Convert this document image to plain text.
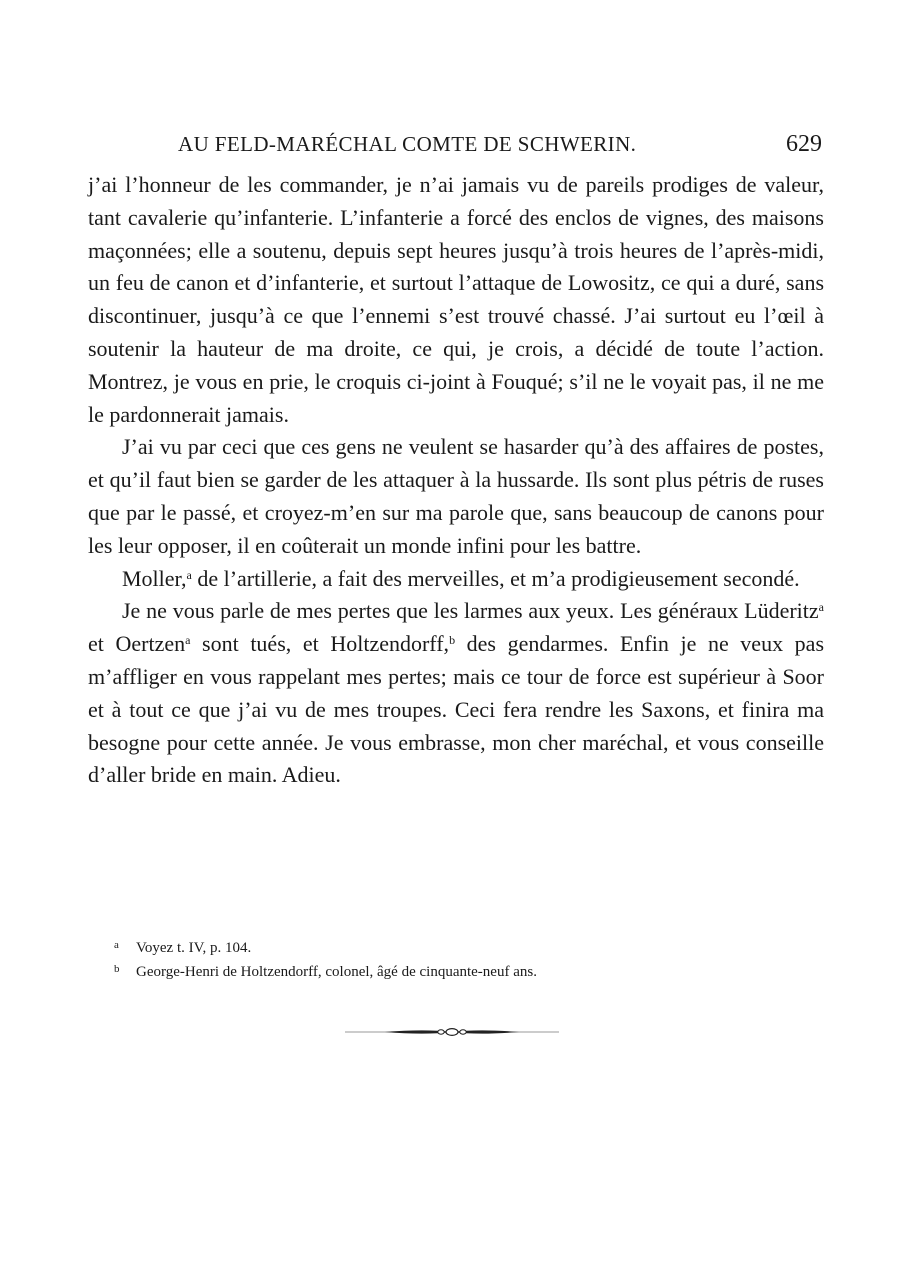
AU FELD-MARÉCHAL COMTE DE SCHWERIN.	629

j’ai l’honneur de les commander, je n’ai jamais vu de pareils prodiges de valeur, tant cavalerie qu’infanterie. L’infanterie a forcé des enclos de vignes, des maisons maçonnées; elle a soutenu, depuis sept heures jusqu’à trois heures de l’après-midi, un feu de canon et d’infanterie, et surtout l’attaque de Lowositz, ce qui a duré, sans discontinuer, jusqu’à ce que l’ennemi s’est trouvé chassé. J’ai surtout eu l’œil à soutenir la hauteur de ma droite, ce qui, je crois, a décidé de toute l’action. Montrez, je vous en prie, le croquis ci-joint à Fouqué; s’il ne le voyait pas, il ne me le pardonnerait jamais.

J’ai vu par ceci que ces gens ne veulent se hasarder qu’à des affaires de postes, et qu’il faut bien se garder de les attaquer à la hussarde. Ils sont plus pétris de ruses que par le passé, et croyez-m’en sur ma parole que, sans beaucoup de canons pour les leur opposer, il en coûterait un monde infini pour les battre.

Moller,$^a$ de l’artillerie, a fait des merveilles, et m’a prodigieusement secondé.

Je ne vous parle de mes pertes que les larmes aux yeux. Les généraux Lüderitz$^a$ et Oertzen$^a$ sont tués, et Holtzendorff,$^b$ des gendarmes. Enfin je ne veux pas m’affliger en vous rappelant mes pertes; mais ce tour de force est supérieur à Soor et à tout ce que j’ai vu de mes troupes. Ceci fera rendre les Saxons, et finira ma besogne pour cette année. Je vous embrasse, mon cher maréchal, et vous conseille d’aller bride en main. Adieu.

a Voyez t. IV, p. 104.

b George-Henri de Holtzendorff, colonel, âgé de cinquante-neuf ans.
